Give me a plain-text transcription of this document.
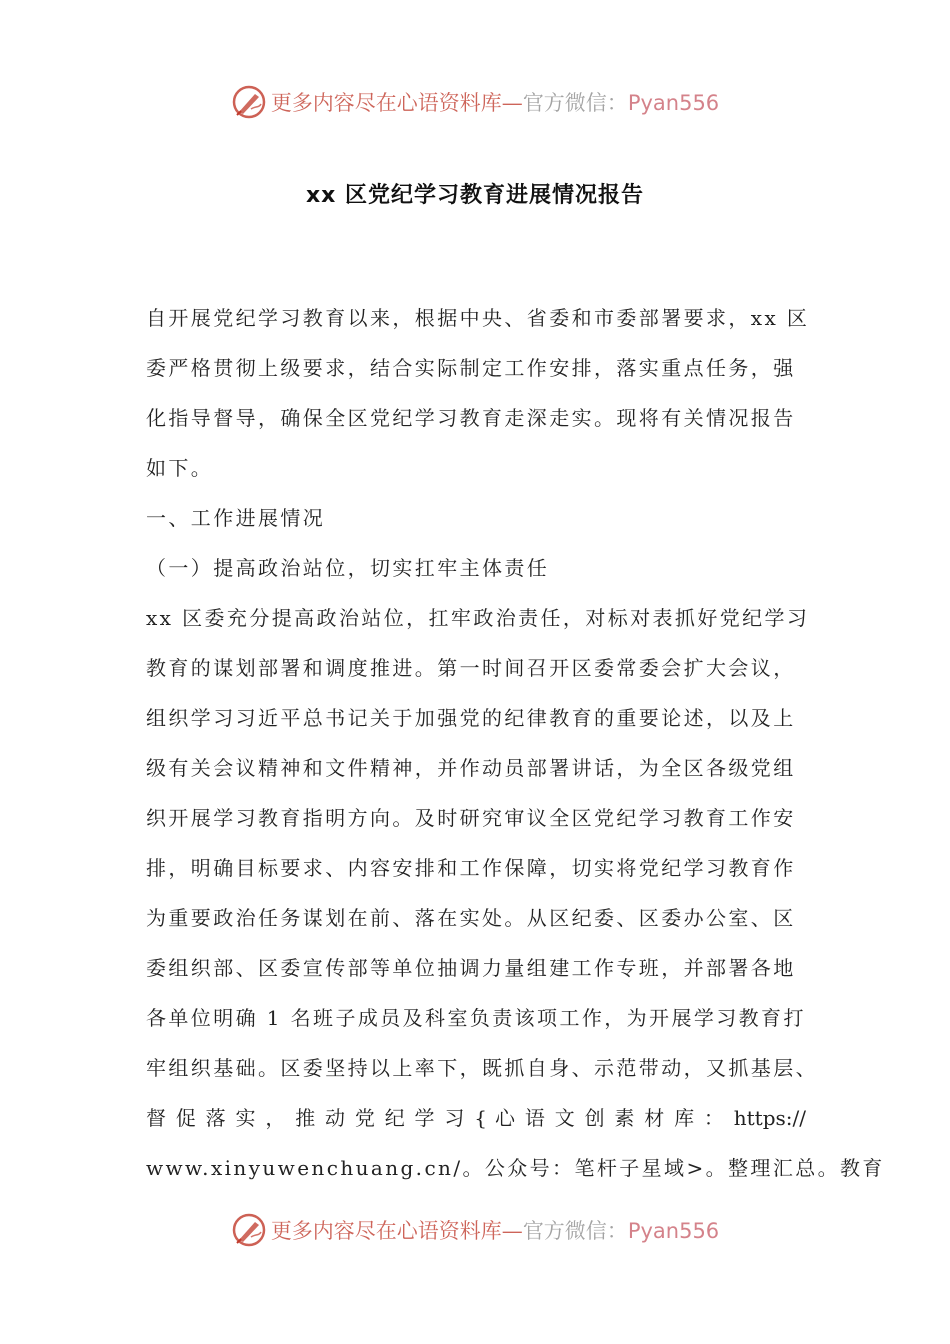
更多内容尽在心语资料库—官方微信：Pyan556
xx 区党纪学习教育进展情况报告
自开展党纪学习教育以来，根据中央、省委和市委部署要求，xx 区
委严格贯彻上级要求，结合实际制定工作安排，落实重点任务，强
化指导督导，确保全区党纪学习教育走深走实。现将有关情况报告
如下。
一、工作进展情况
（一）提高政治站位，切实扛牢主体责任
xx 区委充分提高政治站位，扛牢政治责任，对标对表抓好党纪学习
教育的谋划部署和调度推进。第一时间召开区委常委会扩大会议，
组织学习习近平总书记关于加强党的纪律教育的重要论述，以及上
级有关会议精神和文件精神，并作动员部署讲话，为全区各级党组
织开展学习教育指明方向。及时研究审议全区党纪学习教育工作安
排，明确目标要求、内容安排和工作保障，切实将党纪学习教育作
为重要政治任务谋划在前、落在实处。从区纪委、区委办公室、区
委组织部、区委宣传部等单位抽调力量组建工作专班，并部署各地
各单位明确 1 名班子成员及科室负责该项工作，为开展学习教育打
牢组织基础。区委坚持以上率下，既抓自身、示范带动，又抓基层、
督 促 落 实 ， 推 动 党 纪 学 习 { 心 语 文 创 素 材 库 ： https://
www.xinyuwenchuang.cn/。公众号：笔杆子星域>。整理汇总。教育
更多内容尽在心语资料库—官方微信：Pyan556
